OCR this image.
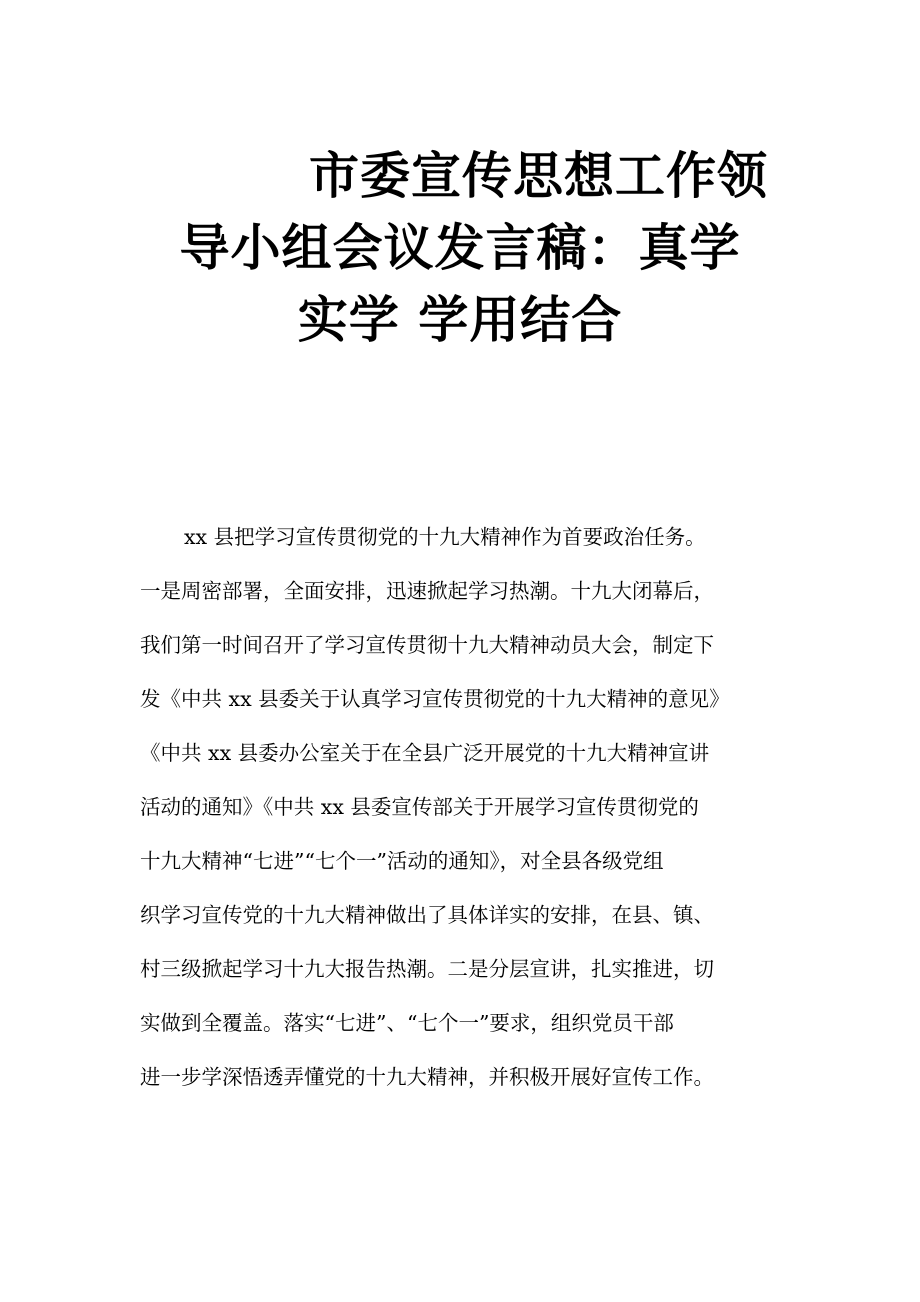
市委宣传思想工作领
导小组会议发言稿：真学
实学 学用结合
xx 县把学习宣传贯彻党的十九大精神作为首要政治任务。
一是周密部署，全面安排，迅速掀起学习热潮。十九大闭幕后，
我们第一时间召开了学习宣传贯彻十九大精神动员大会，制定下
发《中共 xx 县委关于认真学习宣传贯彻党的十九大精神的意见》
《中共 xx 县委办公室关于在全县广泛开展党的十九大精神宣讲
活动的通知》《中共 xx 县委宣传部关于开展学习宣传贯彻党的
十九大精神“七进”“七个一”活动的通知》，对全县各级党组
织学习宣传党的十九大精神做出了具体详实的安排，在县、镇、
村三级掀起学习十九大报告热潮。二是分层宣讲，扎实推进，切
实做到全覆盖。落实“七进”、“七个一”要求，组织党员干部
进一步学深悟透弄懂党的十九大精神，并积极开展好宣传工作。
